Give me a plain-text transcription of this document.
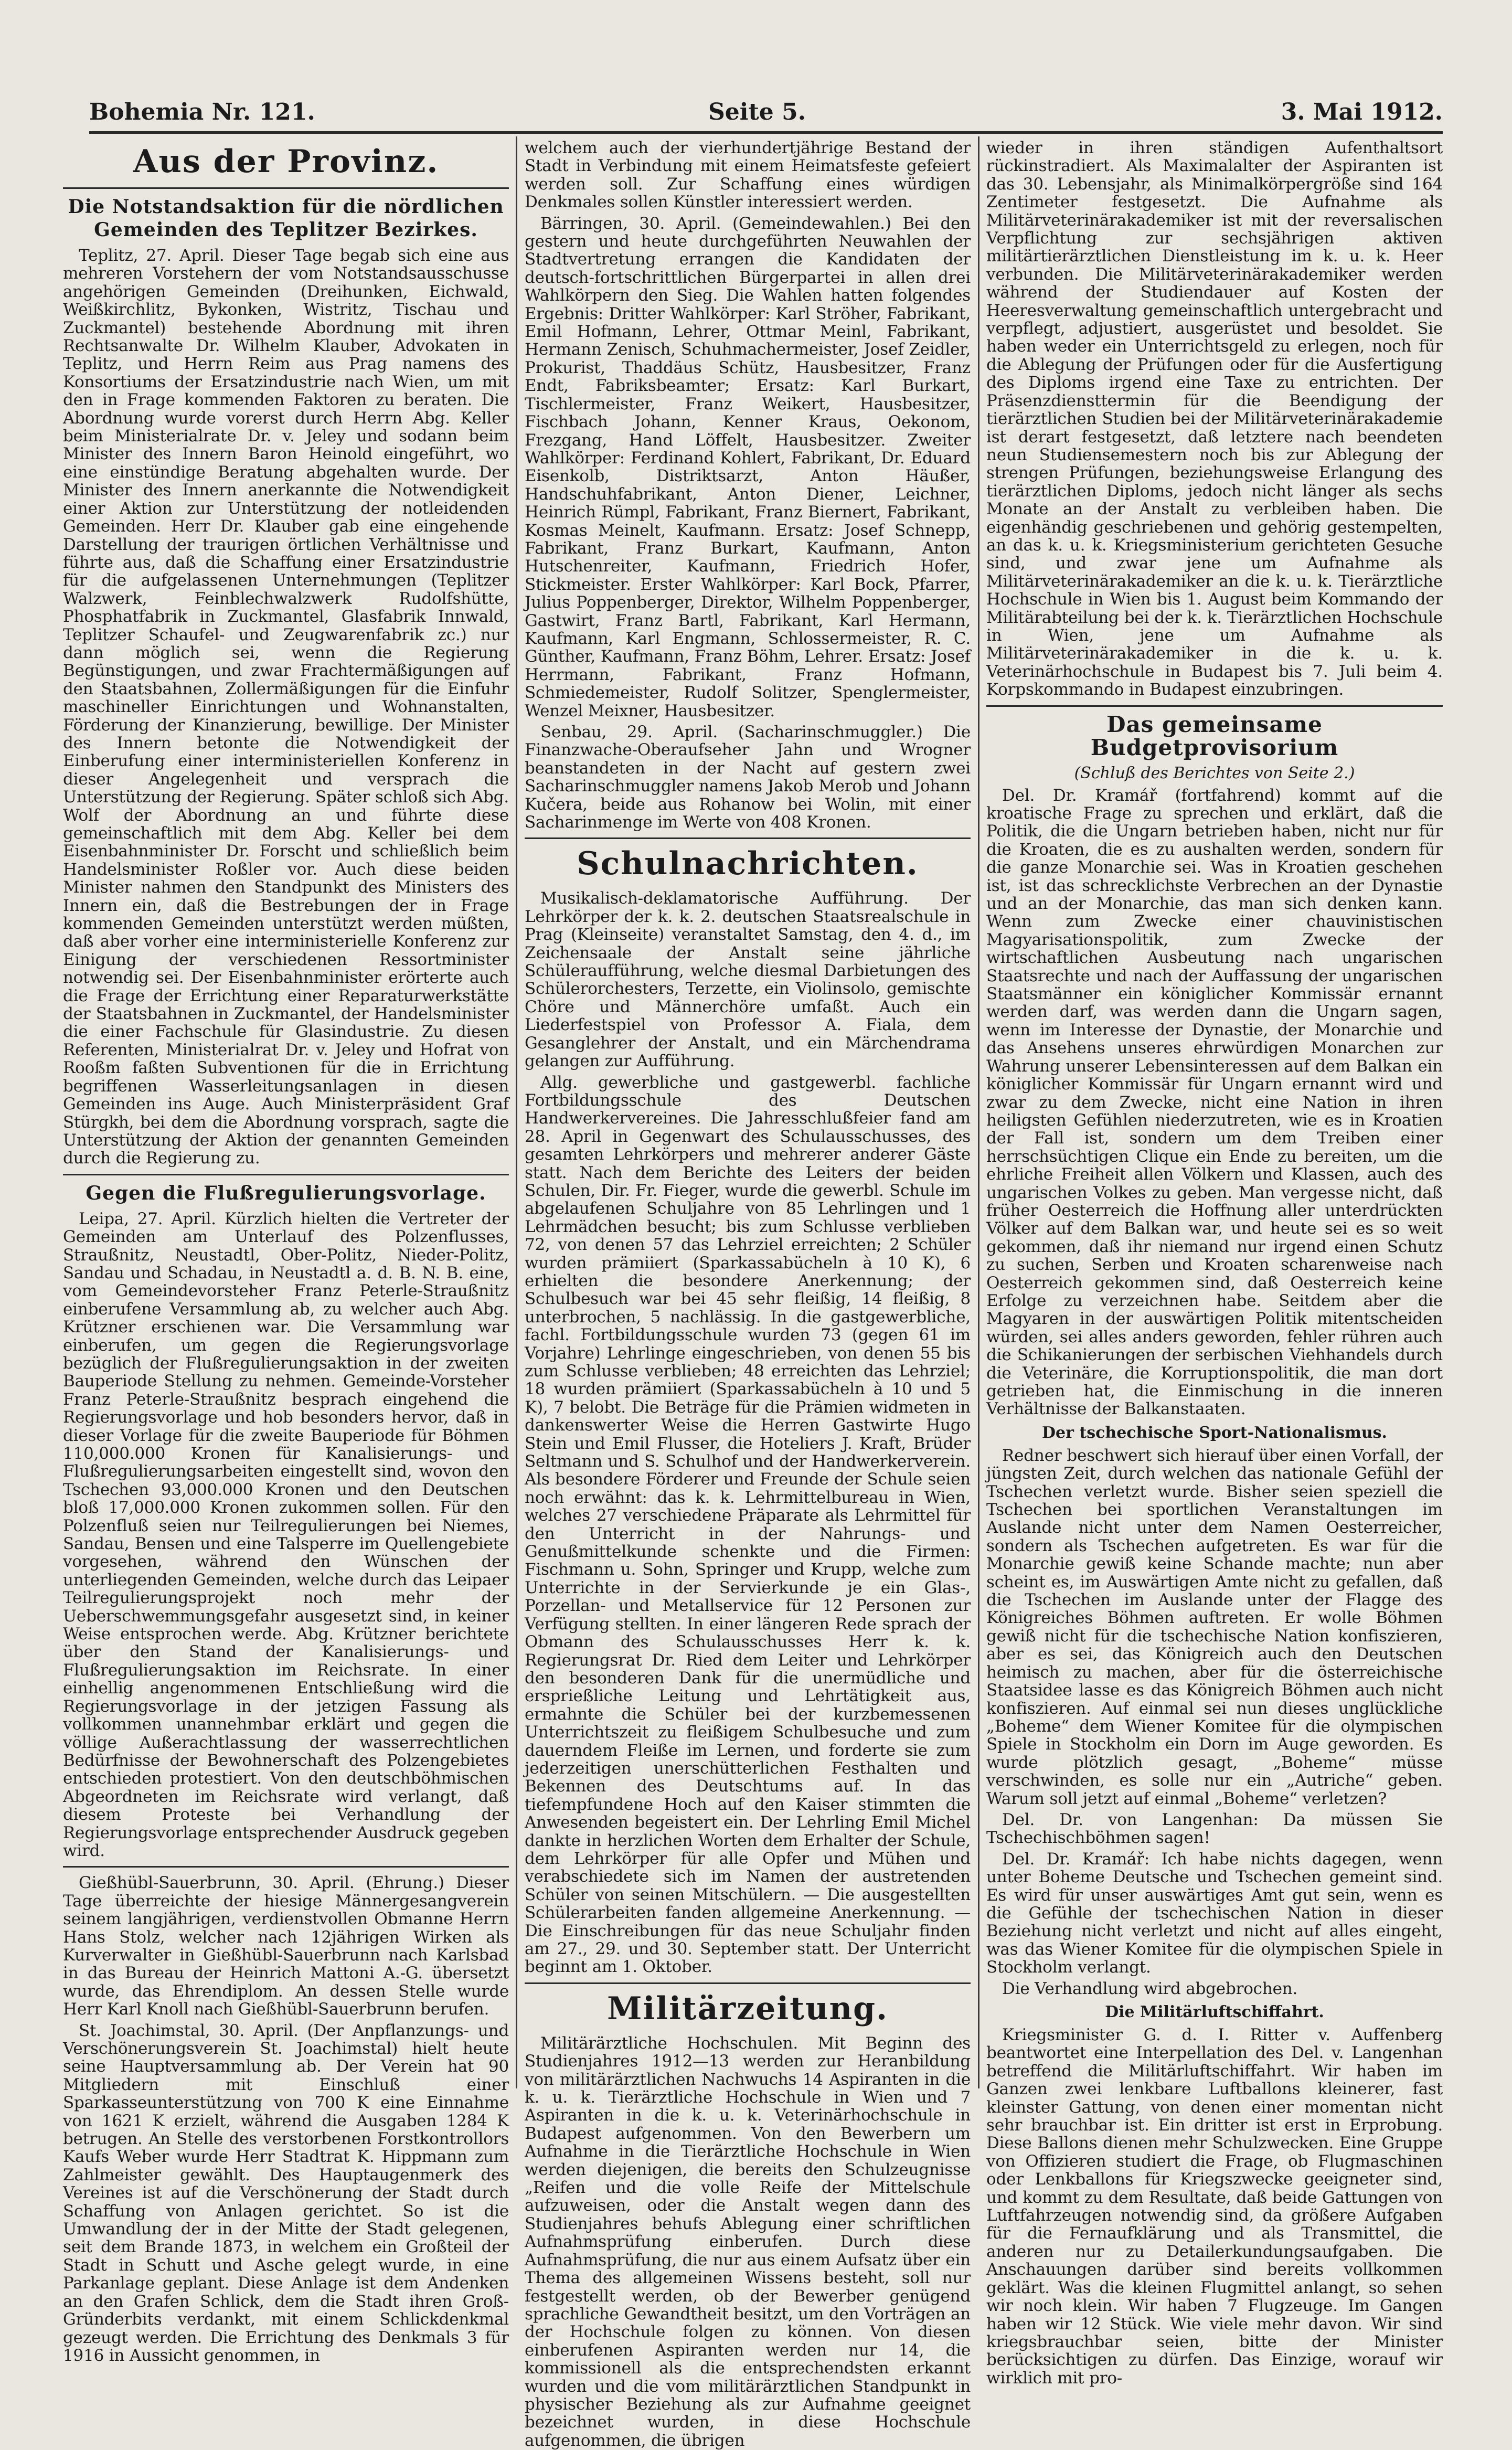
Bohemia Nr. 121.	Seite 5.	3. Mai 1912.
Aus der Provinz.
Die Notstandsaktion für die nördlichen Gemeinden des Teplitzer Bezirkes.

Teplitz, 27. April. Dieser Tage begab sich eine aus mehreren Vorstehern der vom Notstandsausschusse angehörigen Gemeinden (Dreihunken, Eichwald, Weißkirchlitz, Bykonken, Wistritz, Tischau und Zuckmantel) bestehende Abordnung mit ihren Rechtsanwalte Dr. Wilhelm Klauber, Advokaten in Teplitz, und Herrn Reim aus Prag namens des Konsortiums der Ersatzindustrie nach Wien, um mit den in Frage kommenden Faktoren zu beraten. Die Abordnung wurde vorerst durch Herrn Abg. Keller beim Ministerialrate Dr. v. Jeley und sodann beim Minister des Innern Baron Heinold eingeführt, wo eine einstündige Beratung abgehalten wurde. Der Minister des Innern anerkannte die Notwendigkeit einer Aktion zur Unterstützung der notleidenden Gemeinden. Herr Dr. Klauber gab eine eingehende Darstellung der traurigen örtlichen Verhältnisse und führte aus, daß die Schaffung einer Ersatzindustrie für die aufgelassenen Unternehmungen (Teplitzer Walzwerk, Feinblechwalzwerk Rudolfshütte, Phosphatfabrik in Zuckmantel, Glasfabrik Innwald, Teplitzer Schaufel- und Zeugwarenfabrik zc.) nur dann möglich sei, wenn die Regierung Begünstigungen, und zwar Frachtermäßigungen auf den Staatsbahnen, Zollermäßigungen für die Einfuhr maschineller Einrichtungen und Wohnanstalten, Förderung der Kinanzierung, bewillige. Der Minister des Innern betonte die Notwendigkeit der Einberufung einer interministeriellen Konferenz in dieser Angelegenheit und versprach die Unterstützung der Regierung. Später schloß sich Abg. Wolf der Abordnung an und führte diese gemeinschaftlich mit dem Abg. Keller bei dem Eisenbahnminister Dr. Forscht und schließlich beim Handelsminister Roßler vor. Auch diese beiden Minister nahmen den Standpunkt des Ministers des Innern ein, daß die Bestrebungen der in Frage kommenden Gemeinden unterstützt werden müßten, daß aber vorher eine interministerielle Konferenz zur Einigung der verschiedenen Ressortminister notwendig sei. Der Eisenbahnminister erörterte auch die Frage der Errichtung einer Reparaturwerkstätte der Staatsbahnen in Zuckmantel, der Handelsminister die einer Fachschule für Glasindustrie. Zu diesen Referenten, Ministerialrat Dr. v. Jeley und Hofrat von Rooßm faßten Subventionen für die in Errichtung begriffenen Wasserleitungsanlagen in diesen Gemeinden ins Auge. Auch Ministerpräsident Graf Stürgkh, bei dem die Abordnung vorsprach, sagte die Unterstützung der Aktion der genannten Gemeinden durch die Regierung zu.

Gegen die Flußregulierungsvorlage.

Leipa, 27. April. Kürzlich hielten die Vertreter der Gemeinden am Unterlauf des Polzenflusses, Straußnitz, Neustadtl, Ober-Politz, Nieder-Politz, Sandau und Schadau, in Neustadtl a. d. B. N. B. eine, vom Gemeindevorsteher Franz Peterle-Straußnitz einberufene Versammlung ab, zu welcher auch Abg. Krützner erschienen war. Die Versammlung war einberufen, um gegen die Regierungsvorlage bezüglich der Flußregulierungsaktion in der zweiten Bauperiode Stellung zu nehmen. Gemeinde-Vorsteher Franz Peterle-Straußnitz besprach eingehend die Regierungsvorlage und hob besonders hervor, daß in dieser Vorlage für die zweite Bauperiode für Böhmen 110,000.000 Kronen für Kanalisierungs- und Flußregulierungsarbeiten eingestellt sind, wovon den Tschechen 93,000.000 Kronen und den Deutschen bloß 17,000.000 Kronen zukommen sollen. Für den Polzenfluß seien nur Teilregulierungen bei Niemes, Sandau, Bensen und eine Talsperre im Quellengebiete vorgesehen, während den Wünschen der unterliegenden Gemeinden, welche durch das Leipaer Teilregulierungsprojekt noch mehr der Ueberschwemmungsgefahr ausgesetzt sind, in keiner Weise entsprochen werde. Abg. Krützner berichtete über den Stand der Kanalisierungs- und Flußregulierungsaktion im Reichsrate. In einer einhellig angenommenen Entschließung wird die Regierungsvorlage in der jetzigen Fassung als vollkommen unannehmbar erklärt und gegen die völlige Außerachtlassung der wasserrechtlichen Bedürfnisse der Bewohnerschaft des Polzengebietes entschieden protestiert. Von den deutschböhmischen Abgeordneten im Reichsrate wird verlangt, daß diesem Proteste bei Verhandlung der Regierungsvorlage entsprechender Ausdruck gegeben wird.

Gießhübl-Sauerbrunn, 30. April. (Ehrung.) Dieser Tage überreichte der hiesige Männergesangverein seinem langjährigen, verdienstvollen Obmanne Herrn Hans Stolz, welcher nach 12jährigen Wirken als Kurverwalter in Gießhübl-Sauerbrunn nach Karlsbad in das Bureau der Heinrich Mattoni A.-G. übersetzt wurde, das Ehrendiplom. An dessen Stelle wurde Herr Karl Knoll nach Gießhübl-Sauerbrunn berufen.

St. Joachimstal, 30. April. (Der Anpflanzungs- und Verschönerungsverein St. Joachimstal) hielt heute seine Hauptversammlung ab. Der Verein hat 90 Mitgliedern mit Einschluß einer Sparkasseunterstützung von 700 K eine Einnahme von 1621 K erzielt, während die Ausgaben 1284 K betrugen. An Stelle des verstorbenen Forstkontrollors Kaufs Weber wurde Herr Stadtrat K. Hippmann zum Zahlmeister gewählt. Des Hauptaugenmerk des Vereines ist auf die Verschönerung der Stadt durch Schaffung von Anlagen gerichtet. So ist die Umwandlung der in der Mitte der Stadt gelegenen, seit dem Brande 1873, in welchem ein Großteil der Stadt in Schutt und Asche gelegt wurde, in eine Parkanlage geplant. Diese Anlage ist dem Andenken an den Grafen Schlick, dem die Stadt ihren Groß-Gründerbits verdankt, mit einem Schlickdenkmal gezeugt werden. Die Errichtung des Denkmals 3 für 1916 in Aussicht genommen, in

welchem auch der vierhundertjährige Bestand der Stadt in Verbindung mit einem Heimatsfeste gefeiert werden soll. Zur Schaffung eines würdigen Denkmales sollen Künstler interessiert werden.

Bärringen, 30. April. (Gemeindewahlen.) Bei den gestern und heute durchgeführten Neuwahlen der Stadtvertretung errangen die Kandidaten der deutsch-fortschrittlichen Bürgerpartei in allen drei Wahlkörpern den Sieg. Die Wahlen hatten folgendes Ergebnis: Dritter Wahlkörper: Karl Ströher, Fabrikant, Emil Hofmann, Lehrer, Ottmar Meinl, Fabrikant, Hermann Zenisch, Schuhmachermeister, Josef Zeidler, Prokurist, Thaddäus Schütz, Hausbesitzer, Franz Endt, Fabriksbeamter; Ersatz: Karl Burkart, Tischlermeister, Franz Weikert, Hausbesitzer, Fischbach Johann, Kenner Kraus, Oekonom, Frezgang, Hand Löffelt, Hausbesitzer. Zweiter Wahlkörper: Ferdinand Kohlert, Fabrikant, Dr. Eduard Eisenkolb, Distriktsarzt, Anton Häußer, Handschuhfabrikant, Anton Diener, Leichner, Heinrich Rümpl, Fabrikant, Franz Biernert, Fabrikant, Kosmas Meinelt, Kaufmann. Ersatz: Josef Schnepp, Fabrikant, Franz Burkart, Kaufmann, Anton Hutschenreiter, Kaufmann, Friedrich Hofer, Stickmeister. Erster Wahlkörper: Karl Bock, Pfarrer, Julius Poppenberger, Direktor, Wilhelm Poppenberger, Gastwirt, Franz Bartl, Fabrikant, Karl Hermann, Kaufmann, Karl Engmann, Schlossermeister, R. C. Günther, Kaufmann, Franz Böhm, Lehrer. Ersatz: Josef Herrmann, Fabrikant, Franz Hofmann, Schmiedemeister, Rudolf Solitzer, Spenglermeister, Wenzel Meixner, Hausbesitzer.

Senbau, 29. April. (Sacharinschmuggler.) Die Finanzwache-Oberaufseher Jahn und Wrogner beanstandeten in der Nacht auf gestern zwei Sacharinschmuggler namens Jakob Merob und Johann Kučera, beide aus Rohanow bei Wolin, mit einer Sacharinmenge im Werte von 408 Kronen.

Schulnachrichten.

Musikalisch-deklamatorische Aufführung. Der Lehrkörper der k. k. 2. deutschen Staatsrealschule in Prag (Kleinseite) veranstaltet Samstag, den 4. d., im Zeichensaale der Anstalt seine jährliche Schüleraufführung, welche diesmal Darbietungen des Schülerorchesters, Terzette, ein Violinsolo, gemischte Chöre und Männerchöre umfaßt. Auch ein Liederfestspiel von Professor A. Fiala, dem Gesanglehrer der Anstalt, und ein Märchendrama gelangen zur Aufführung.

Allg. gewerbliche und gastgewerbl. fachliche Fortbildungsschule des Deutschen Handwerkervereines. Die Jahresschlußfeier fand am 28. April in Gegenwart des Schulausschusses, des gesamten Lehrkörpers und mehrerer anderer Gäste statt. Nach dem Berichte des Leiters der beiden Schulen, Dir. Fr. Fieger, wurde die gewerbl. Schule im abgelaufenen Schuljahre von 85 Lehrlingen und 1 Lehrmädchen besucht; bis zum Schlusse verblieben 72, von denen 57 das Lehrziel erreichten; 2 Schüler wurden prämiiert (Sparkassabücheln à 10 K), 6 erhielten die besondere Anerkennung; der Schulbesuch war bei 45 sehr fleißig, 14 fleißig, 8 unterbrochen, 5 nachlässig. In die gastgewerbliche, fachl. Fortbildungsschule wurden 73 (gegen 61 im Vorjahre) Lehrlinge eingeschrieben, von denen 55 bis zum Schlusse verblieben; 48 erreichten das Lehrziel; 18 wurden prämiiert (Sparkassabücheln à 10 und 5 K), 7 belobt. Die Beträge für die Prämien widmeten in dankenswerter Weise die Herren Gastwirte Hugo Stein und Emil Flusser, die Hoteliers J. Kraft, Brüder Seltmann und S. Schulhof und der Handwerkerverein. Als besondere Förderer und Freunde der Schule seien noch erwähnt: das k. k. Lehrmittelbureau in Wien, welches 27 verschiedene Präparate als Lehrmittel für den Unterricht in der Nahrungs- und Genußmittelkunde schenkte und die Firmen: Fischmann u. Sohn, Springer und Krupp, welche zum Unterrichte in der Servierkunde je ein Glas-, Porzellan- und Metallservice für 12 Personen zur Verfügung stellten. In einer längeren Rede sprach der Obmann des Schulausschusses Herr k. k. Regierungsrat Dr. Ried dem Leiter und Lehrkörper den besonderen Dank für die unermüdliche und ersprießliche Leitung und Lehrtätigkeit aus, ermahnte die Schüler bei der kurzbemessenen Unterrichtszeit zu fleißigem Schulbesuche und zum dauerndem Fleiße im Lernen, und forderte sie zum jederzeitigen unerschütterlichen Festhalten und Bekennen des Deutschtums auf. In das tiefempfundene Hoch auf den Kaiser stimmten die Anwesenden begeistert ein. Der Lehrling Emil Michel dankte in herzlichen Worten dem Erhalter der Schule, dem Lehrkörper für alle Opfer und Mühen und verabschiedete sich im Namen der austretenden Schüler von seinen Mitschülern. — Die ausgestellten Schülerarbeiten fanden allgemeine Anerkennung. — Die Einschreibungen für das neue Schuljahr finden am 27., 29. und 30. September statt. Der Unterricht beginnt am 1. Oktober.

Militärzeitung.

Militärärztliche Hochschulen. Mit Beginn des Studienjahres 1912—13 werden zur Heranbildung von militärärztlichen Nachwuchs 14 Aspiranten in die k. u. k. Tierärztliche Hochschule in Wien und 7 Aspiranten in die k. u. k. Veterinärhochschule in Budapest aufgenommen. Von den Bewerbern um Aufnahme in die Tierärztliche Hochschule in Wien werden diejenigen, die bereits den Schulzeugnisse „Reifen und die volle Reife der Mittelschule aufzuweisen, oder die Anstalt wegen dann des Studienjahres behufs Ablegung einer schriftlichen Aufnahmsprüfung einberufen. Durch diese Aufnahmsprüfung, die nur aus einem Aufsatz über ein Thema des allgemeinen Wissens besteht, soll nur festgestellt werden, ob der Bewerber genügend sprachliche Gewandtheit besitzt, um den Vorträgen an der Hochschule folgen zu können. Von diesen einberufenen Aspiranten werden nur 14, die kommissionell als die entsprechendsten erkannt wurden und die vom militärärztlichen Standpunkt in physischer Beziehung als zur Aufnahme geeignet bezeichnet wurden, in diese Hochschule aufgenommen, die übrigen

wieder in ihren ständigen Aufenthaltsort rückinstradiert. Als Maximalalter der Aspiranten ist das 30. Lebensjahr, als Minimalkörpergröße sind 164 Zentimeter festgesetzt. Die Aufnahme als Militärveterinärakademiker ist mit der reversalischen Verpflichtung zur sechsjährigen aktiven militärtierärztlichen Dienstleistung im k. u. k. Heer verbunden. Die Militärveterinärakademiker werden während der Studiendauer auf Kosten der Heeresverwaltung gemeinschaftlich untergebracht und verpflegt, adjustiert, ausgerüstet und besoldet. Sie haben weder ein Unterrichtsgeld zu erlegen, noch für die Ablegung der Prüfungen oder für die Ausfertigung des Diploms irgend eine Taxe zu entrichten. Der Präsenzdiensttermin für die Beendigung der tierärztlichen Studien bei der Militärveterinärakademie ist derart festgesetzt, daß letztere nach beendeten neun Studiensemestern noch bis zur Ablegung der strengen Prüfungen, beziehungsweise Erlangung des tierärztlichen Diploms, jedoch nicht länger als sechs Monate an der Anstalt zu verbleiben haben. Die eigenhändig geschriebenen und gehörig gestempelten, an das k. u. k. Kriegsministerium gerichteten Gesuche sind, und zwar jene um Aufnahme als Militärveterinärakademiker an die k. u. k. Tierärztliche Hochschule in Wien bis 1. August beim Kommando der Militärabteilung bei der k. k. Tierärztlichen Hochschule in Wien, jene um Aufnahme als Militärveterinärakademiker in die k. u. k. Veterinärhochschule in Budapest bis 7. Juli beim 4. Korpskommando in Budapest einzubringen.

Das gemeinsame Budgetprovisorium
(Schluß des Berichtes von Seite 2.)

Del. Dr. Kramář (fortfahrend) kommt auf die kroatische Frage zu sprechen und erklärt, daß die Politik, die die Ungarn betrieben haben, nicht nur für die Kroaten, die es zu aushalten werden, sondern für die ganze Monarchie sei. Was in Kroatien geschehen ist, ist das schrecklichste Verbrechen an der Dynastie und an der Monarchie, das man sich denken kann. Wenn zum Zwecke einer chauvinistischen Magyarisationspolitik, zum Zwecke der wirtschaftlichen Ausbeutung nach ungarischen Staatsrechte und nach der Auffassung der ungarischen Staatsmänner ein königlicher Kommissär ernannt werden darf, was werden dann die Ungarn sagen, wenn im Interesse der Dynastie, der Monarchie und das Ansehens unseres ehrwürdigen Monarchen zur Wahrung unserer Lebensinteressen auf dem Balkan ein königlicher Kommissär für Ungarn ernannt wird und zwar zu dem Zwecke, nicht eine Nation in ihren heiligsten Gefühlen niederzutreten, wie es in Kroatien der Fall ist, sondern um dem Treiben einer herrschsüchtigen Clique ein Ende zu bereiten, um die ehrliche Freiheit allen Völkern und Klassen, auch des ungarischen Volkes zu geben. Man vergesse nicht, daß früher Oesterreich die Hoffnung aller unterdrückten Völker auf dem Balkan war, und heute sei es so weit gekommen, daß ihr niemand nur irgend einen Schutz zu suchen, Serben und Kroaten scharenweise nach Oesterreich gekommen sind, daß Oesterreich keine Erfolge zu verzeichnen habe. Seitdem aber die Magyaren in der auswärtigen Politik mitentscheiden würden, sei alles anders geworden, fehler rühren auch die Schikanierungen der serbischen Viehhandels durch die Veterinäre, die Korruptionspolitik, die man dort getrieben hat, die Einmischung in die inneren Verhältnisse der Balkanstaaten.

Der tschechische Sport-Nationalismus.

Redner beschwert sich hierauf über einen Vorfall, der jüngsten Zeit, durch welchen das nationale Gefühl der Tschechen verletzt wurde. Bisher seien speziell die Tschechen bei sportlichen Veranstaltungen im Auslande nicht unter dem Namen Oesterreicher, sondern als Tschechen aufgetreten. Es war für die Monarchie gewiß keine Schande machte; nun aber scheint es, im Auswärtigen Amte nicht zu gefallen, daß die Tschechen im Auslande unter der Flagge des Königreiches Böhmen auftreten. Er wolle Böhmen gewiß nicht für die tschechische Nation konfiszieren, aber es sei, das Königreich auch den Deutschen heimisch zu machen, aber für die österreichische Staatsidee lasse es das Königreich Böhmen auch nicht konfiszieren. Auf einmal sei nun dieses unglückliche „Boheme“ dem Wiener Komitee für die olympischen Spiele in Stockholm ein Dorn im Auge geworden. Es wurde plötzlich gesagt, „Boheme“ müsse verschwinden, es solle nur ein „Autriche“ geben. Warum soll jetzt auf einmal „Boheme“ verletzen?

Del. Dr. von Langenhan: Da müssen Sie Tschechischböhmen sagen!

Del. Dr. Kramář: Ich habe nichts dagegen, wenn unter Boheme Deutsche und Tschechen gemeint sind. Es wird für unser auswärtiges Amt gut sein, wenn es die Gefühle der tschechischen Nation in dieser Beziehung nicht verletzt und nicht auf alles eingeht, was das Wiener Komitee für die olympischen Spiele in Stockholm verlangt.

Die Verhandlung wird abgebrochen.

Die Militärluftschiffahrt.

Kriegsminister G. d. I. Ritter v. Auffenberg beantwortet eine Interpellation des Del. v. Langenhan betreffend die Militärluftschiffahrt. Wir haben im Ganzen zwei lenkbare Luftballons kleinerer, fast kleinster Gattung, von denen einer momentan nicht sehr brauchbar ist. Ein dritter ist erst in Erprobung. Diese Ballons dienen mehr Schulzwecken. Eine Gruppe von Offizieren studiert die Frage, ob Flugmaschinen oder Lenkballons für Kriegszwecke geeigneter sind, und kommt zu dem Resultate, daß beide Gattungen von Luftfahrzeugen notwendig sind, da größere Aufgaben für die Fernaufklärung und als Transmittel, die anderen nur zu Detailerkundungsaufgaben. Die Anschauungen darüber sind bereits vollkommen geklärt. Was die kleinen Flugmittel anlangt, so sehen wir noch klein. Wir haben 7 Flugzeuge. Im Gangen haben wir 12 Stück. Wie viele mehr davon. Wir sind kriegsbrauchbar seien, bitte der Minister berücksichtigen zu dürfen. Das Einzige, worauf wir wirklich mit pro-
